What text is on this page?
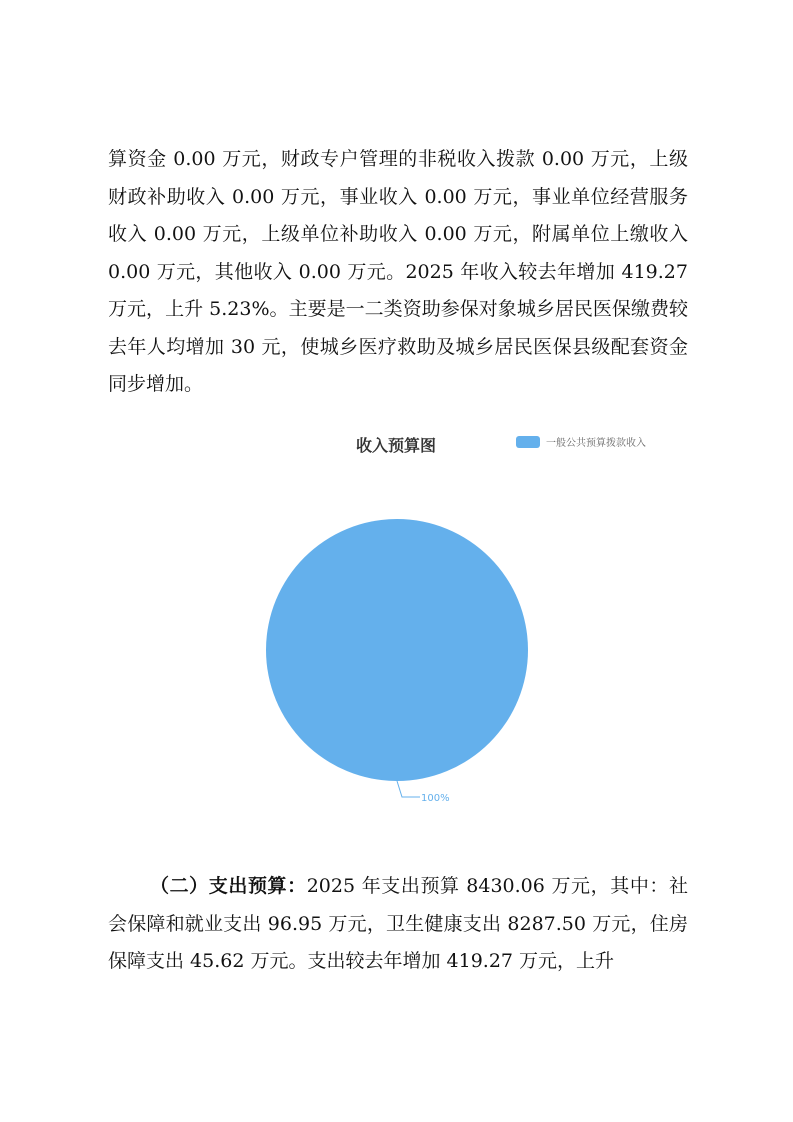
算资金 0.00 万元，财政专户管理的非税收入拨款 0.00 万元，上级财政补助收入 0.00 万元，事业收入 0.00 万元，事业单位经营服务收入 0.00 万元，上级单位补助收入 0.00 万元，附属单位上缴收入 0.00 万元，其他收入 0.00 万元。2025 年收入较去年增加 419.27 万元，上升 5.23%。主要是一二类资助参保对象城乡居民医保缴费较去年人均增加 30 元，使城乡医疗救助及城乡居民医保县级配套资金同步增加。

收入预算图	一般公共预算拨款收入
100%

（二）支出预算：2025 年支出预算 8430.06 万元，其中：社会保障和就业支出 96.95 万元，卫生健康支出 8287.50 万元，住房保障支出 45.62 万元。支出较去年增加 419.27 万元，上升
